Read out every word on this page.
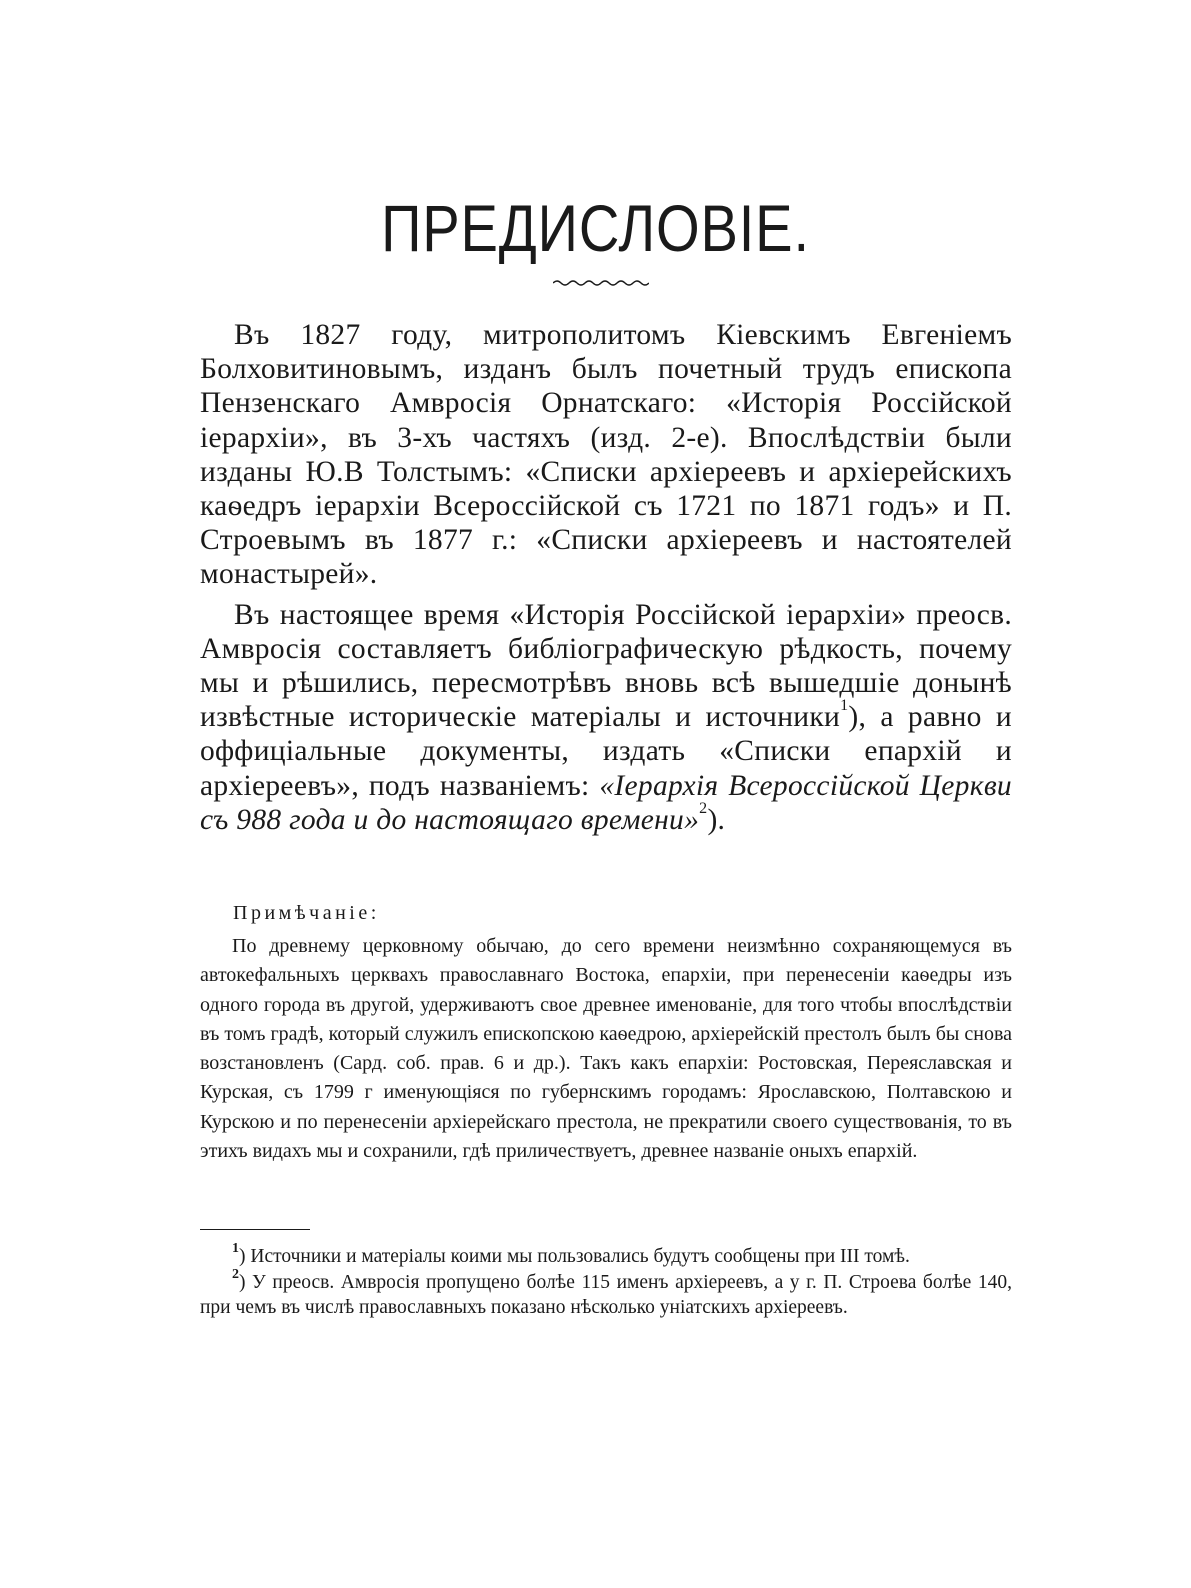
ПРЕДИСЛОВІЕ.

Въ 1827 году, митрополитомъ Кіевскимъ Евгеніемъ Болховитиновымъ, изданъ былъ почетный трудъ епископа Пензенскаго Амвросія Орнатскаго: «Исторія Россійской іерархіи», въ 3-хъ частяхъ (изд. 2-е). Впослѣдствіи были изданы Ю.В Толстымъ: «Списки архіереевъ и архіерейскихъ каѳедръ іерархіи Всероссійской съ 1721 по 1871 годъ» и П. Строевымъ въ 1877 г.: «Списки архіереевъ и настоятелей монастырей».

Въ настоящее время «Исторія Россійской іерархіи» преосв. Амвросія составляетъ библіографическую рѣдкость, почему мы и рѣшились, пересмотрѣвъ вновь всѣ вышедшіе донынѣ извѣстные историческіе матеріалы и источники$^1$), а равно и оффиціальные документы, издать «Списки епархій и архіереевъ», подъ названіемъ: «Іерархія Всероссійской Церкви съ 988 года и до настоящаго времени»$^2$).

Примѣчаніе:

По древнему церковному обычаю, до сего времени неизмѣнно сохраняющемуся въ автокефальныхъ церквахъ православнаго Востока, епархіи, при перенесеніи каѳедры изъ одного города въ другой, удерживаютъ свое древнее именованіе, для того чтобы впослѣдствіи въ томъ градѣ, который служилъ епископскою каѳедрою, архіерейскій престолъ былъ бы снова возстановленъ (Сард. соб. прав. 6 и др.). Такъ какъ епархіи: Ростовская, Переяславская и Курская, съ 1799 г именующіяся по губернскимъ городамъ: Ярославскою, Полтавскою и Курскою и по перенесеніи архіерейскаго престола, не прекратили своего существованія, то въ этихъ видахъ мы и сохранили, гдѣ приличествуетъ, древнее названіе оныхъ епархій.

$^1$) Источники и матеріалы коими мы пользовались будутъ сообщены при III томѣ.

$^2$) У преосв. Амвросія пропущено болѣе 115 именъ архіереевъ, а у г. П. Строева болѣе 140, при чемъ въ числѣ православныхъ показано нѣсколько уніатскихъ архіереевъ.
